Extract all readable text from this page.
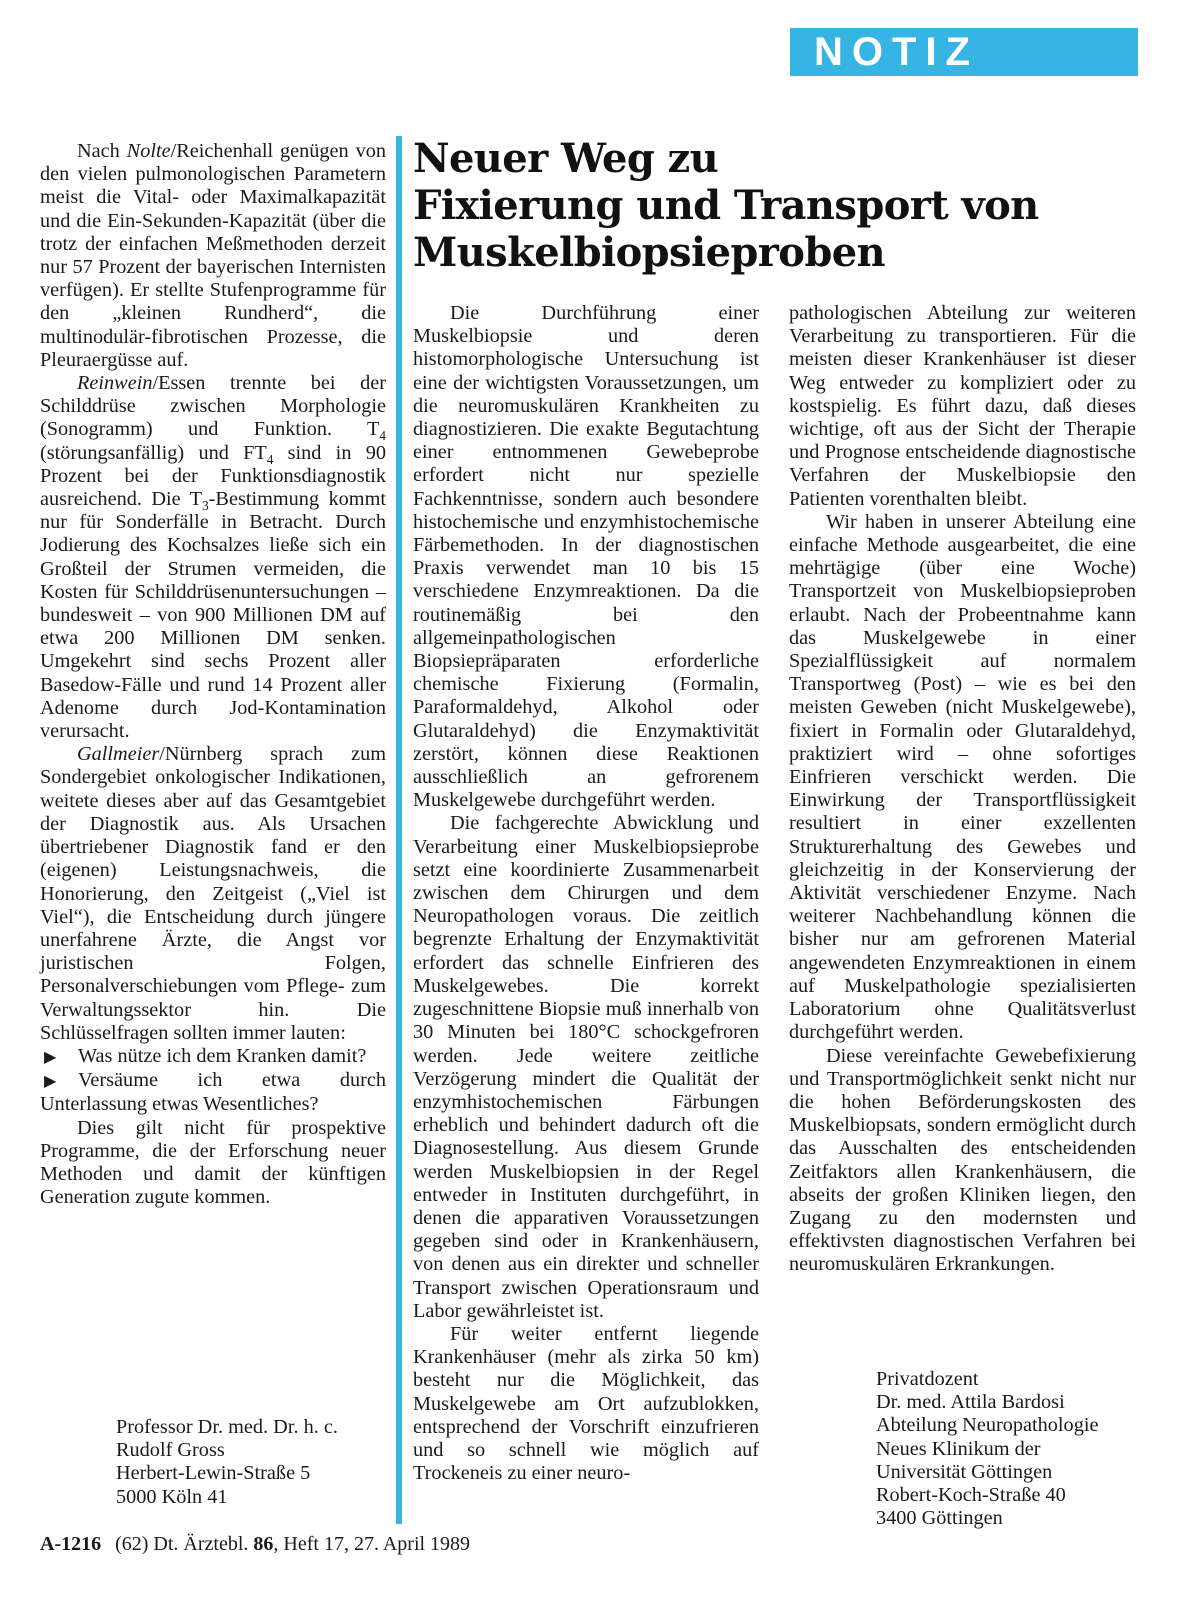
NOTIZ

Nach Nolte/Reichenhall genügen von den vielen pulmonologischen Parametern meist die Vital- oder Maximalkapazität und die Ein-Sekunden-Kapazität (über die trotz der einfachen Meßmethoden derzeit nur 57 Prozent der bayerischen Internisten verfügen). Er stellte Stufenprogramme für den „kleinen Rundherd“, die multinodulär-fibrotischen Prozesse, die Pleuraergüsse auf.

Reinwein/Essen trennte bei der Schilddrüse zwischen Morphologie (Sonogramm) und Funktion. $T_4$ (störungsanfällig) und $FT_4$ sind in 90 Prozent bei der Funktionsdiagnostik ausreichend. Die $T_3$-Bestimmung kommt nur für Sonderfälle in Betracht. Durch Jodierung des Kochsalzes ließe sich ein Großteil der Strumen vermeiden, die Kosten für Schilddrüsenuntersuchungen – bundesweit – von 900 Millionen DM auf etwa 200 Millionen DM senken. Umgekehrt sind sechs Prozent aller Basedow-Fälle und rund 14 Prozent aller Adenome durch Jod-Kontamination verursacht.

Gallmeier/Nürnberg sprach zum Sondergebiet onkologischer Indikationen, weitete dieses aber auf das Gesamtgebiet der Diagnostik aus. Als Ursachen übertriebener Diagnostik fand er den (eigenen) Leistungsnachweis, die Honorierung, den Zeitgeist („Viel ist Viel“), die Entscheidung durch jüngere unerfahrene Ärzte, die Angst vor juristischen Folgen, Personalverschiebungen vom Pflege- zum Verwaltungssektor hin. Die Schlüsselfragen sollten immer lauten:

▶ Was nütze ich dem Kranken damit?

▶ Versäume ich etwa durch Unterlassung etwas Wesentliches?

Dies gilt nicht für prospektive Programme, die der Erforschung neuer Methoden und damit der künftigen Generation zugute kommen.

Professor Dr. med. Dr. h. c.
Rudolf Gross
Herbert-Lewin-Straße 5
5000 Köln 41
Neuer Weg zu
Fixierung und Transport von
Muskelbiopsieproben

Die Durchführung einer Muskelbiopsie und deren histomorphologische Untersuchung ist eine der wichtigsten Voraussetzungen, um die neuromuskulären Krankheiten zu diagnostizieren. Die exakte Begutachtung einer entnommenen Gewebeprobe erfordert nicht nur spezielle Fachkenntnisse, sondern auch besondere histochemische und enzymhistochemische Färbemethoden. In der diagnostischen Praxis verwendet man 10 bis 15 verschiedene Enzymreaktionen. Da die routinemäßig bei den allgemeinpathologischen Biopsiepräparaten erforderliche chemische Fixierung (Formalin, Paraformaldehyd, Alkohol oder Glutaraldehyd) die Enzymaktivität zerstört, können diese Reaktionen ausschließlich an gefrorenem Muskelgewebe durchgeführt werden.

Die fachgerechte Abwicklung und Verarbeitung einer Muskelbiopsieprobe setzt eine koordinierte Zusammenarbeit zwischen dem Chirurgen und dem Neuropathologen voraus. Die zeitlich begrenzte Erhaltung der Enzymaktivität erfordert das schnelle Einfrieren des Muskelgewebes. Die korrekt zugeschnittene Biopsie muß innerhalb von 30 Minuten bei 180°C schockgefroren werden. Jede weitere zeitliche Verzögerung mindert die Qualität der enzymhistochemischen Färbungen erheblich und behindert dadurch oft die Diagnosestellung. Aus diesem Grunde werden Muskelbiopsien in der Regel entweder in Instituten durchgeführt, in denen die apparativen Voraussetzungen gegeben sind oder in Krankenhäusern, von denen aus ein direkter und schneller Transport zwischen Operationsraum und Labor gewährleistet ist.

Für weiter entfernt liegende Krankenhäuser (mehr als zirka 50 km) besteht nur die Möglichkeit, das Muskelgewebe am Ort aufzublokken, entsprechend der Vorschrift einzufrieren und so schnell wie möglich auf Trockeneis zu einer neuro-

pathologischen Abteilung zur weiteren Verarbeitung zu transportieren. Für die meisten dieser Krankenhäuser ist dieser Weg entweder zu kompliziert oder zu kostspielig. Es führt dazu, daß dieses wichtige, oft aus der Sicht der Therapie und Prognose entscheidende diagnostische Verfahren der Muskelbiopsie den Patienten vorenthalten bleibt.

Wir haben in unserer Abteilung eine einfache Methode ausgearbeitet, die eine mehrtägige (über eine Woche) Transportzeit von Muskelbiopsieproben erlaubt. Nach der Probeentnahme kann das Muskelgewebe in einer Spezialflüssigkeit auf normalem Transportweg (Post) – wie es bei den meisten Geweben (nicht Muskelgewebe), fixiert in Formalin oder Glutaraldehyd, praktiziert wird – ohne sofortiges Einfrieren verschickt werden. Die Einwirkung der Transportflüssigkeit resultiert in einer exzellenten Strukturerhaltung des Gewebes und gleichzeitig in der Konservierung der Aktivität verschiedener Enzyme. Nach weiterer Nachbehandlung können die bisher nur am gefrorenen Material angewendeten Enzymreaktionen in einem auf Muskelpathologie spezialisierten Laboratorium ohne Qualitätsverlust durchgeführt werden.

Diese vereinfachte Gewebefixierung und Transportmöglichkeit senkt nicht nur die hohen Beförderungskosten des Muskelbiopsats, sondern ermöglicht durch das Ausschalten des entscheidenden Zeitfaktors allen Krankenhäusern, die abseits der großen Kliniken liegen, den Zugang zu den modernsten und effektivsten diagnostischen Verfahren bei neuromuskulären Erkrankungen.

Privatdozent
Dr. med. Attila Bardosi
Abteilung Neuropathologie
Neues Klinikum der
Universität Göttingen
Robert-Koch-Straße 40
3400 Göttingen
A-1216 (62) Dt. Ärztebl. 86, Heft 17, 27. April 1989
